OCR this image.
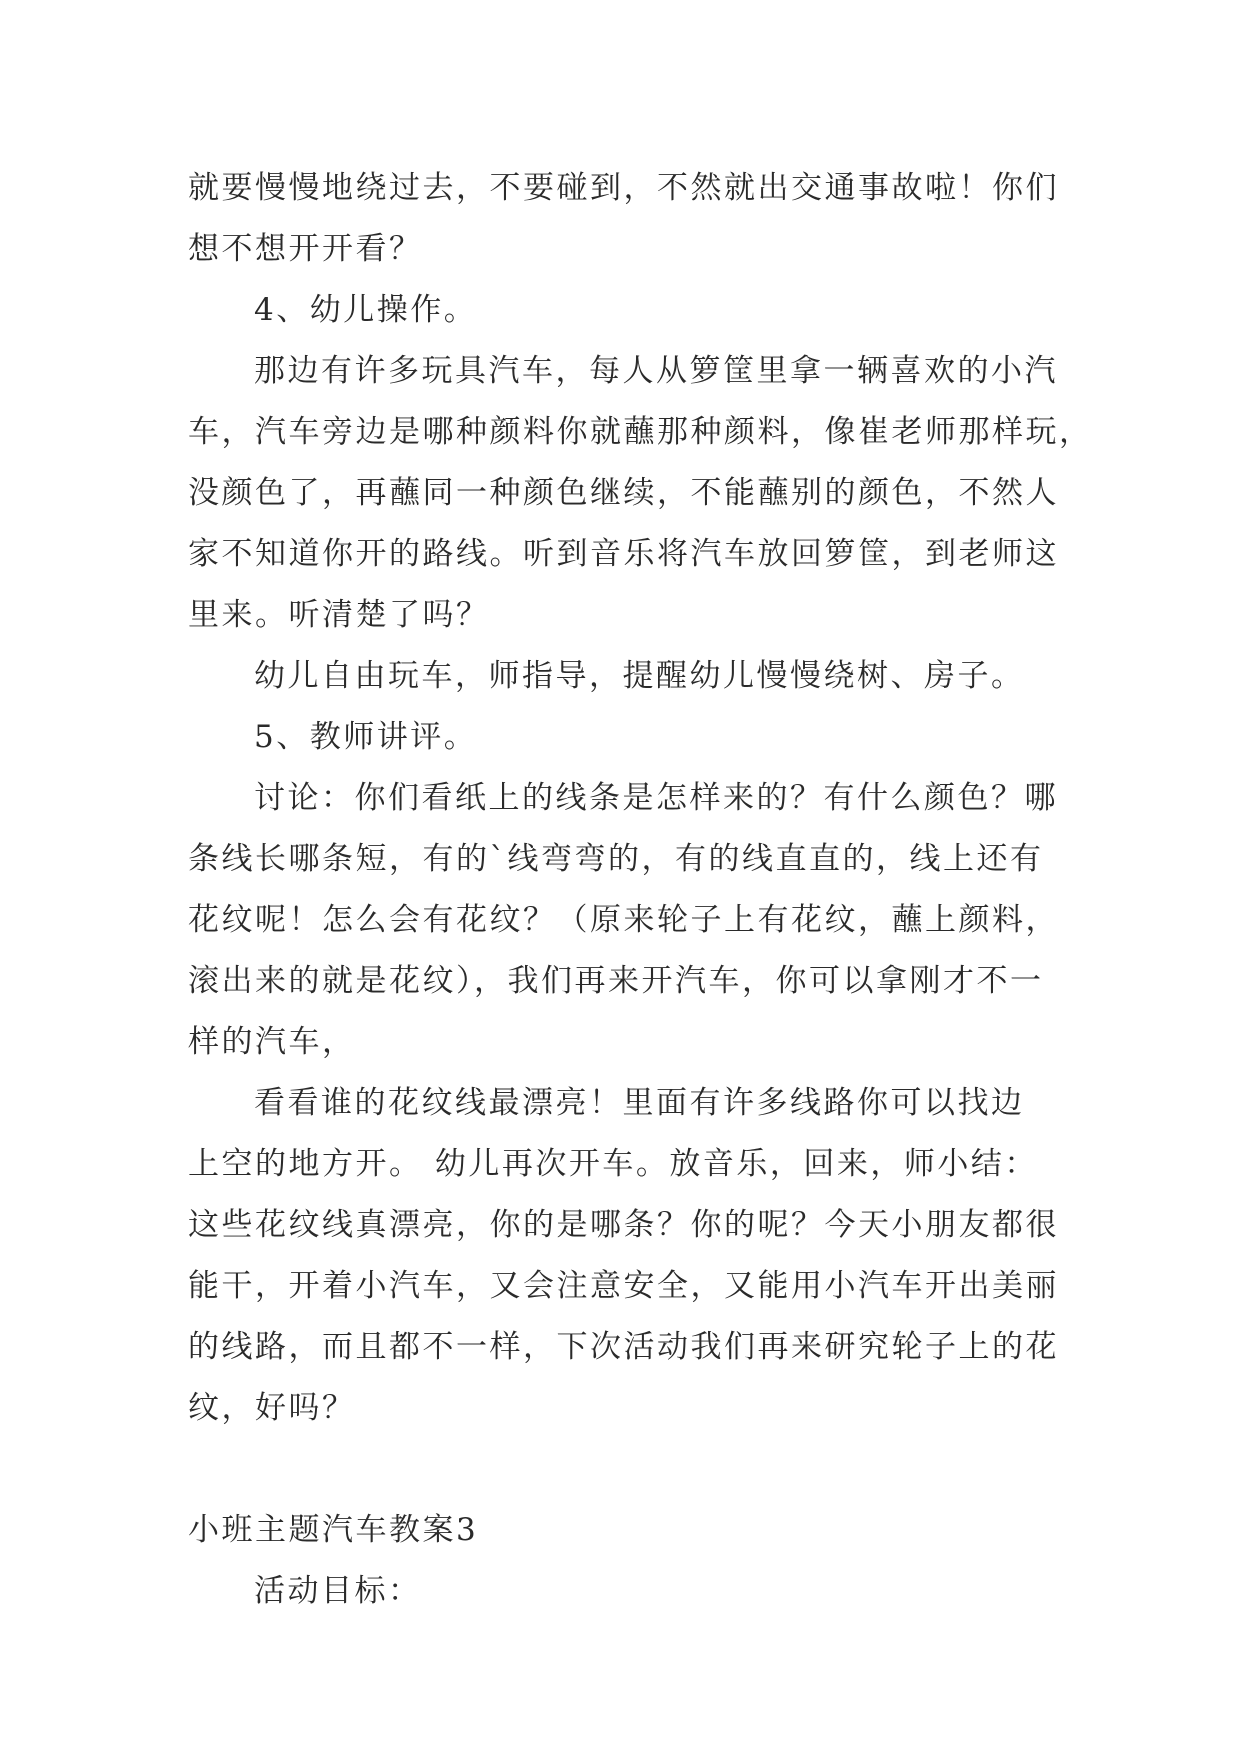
就要慢慢地绕过去，不要碰到，不然就出交通事故啦！你们

想不想开开看？

4、幼儿操作。

那边有许多玩具汽车，每人从箩筐里拿一辆喜欢的小汽

车，汽车旁边是哪种颜料你就蘸那种颜料，像崔老师那样玩，

没颜色了，再蘸同一种颜色继续，不能蘸别的颜色，不然人

家不知道你开的路线。听到音乐将汽车放回箩筐，到老师这

里来。听清楚了吗？

幼儿自由玩车，师指导，提醒幼儿慢慢绕树、房子。

5、教师讲评。

讨论：你们看纸上的线条是怎样来的？有什么颜色？哪

条线长哪条短，有的`线弯弯的，有的线直直的，线上还有

花纹呢！怎么会有花纹？（原来轮子上有花纹，蘸上颜料，

滚出来的就是花纹），我们再来开汽车，你可以拿刚才不一

样的汽车，

看看谁的花纹线最漂亮！里面有许多线路你可以找边

上空的地方开。 幼儿再次开车。放音乐，回来，师小结：

这些花纹线真漂亮，你的是哪条？你的呢？今天小朋友都很

能干，开着小汽车，又会注意安全，又能用小汽车开出美丽

的线路，而且都不一样，下次活动我们再来研究轮子上的花

纹，好吗？

小班主题汽车教案3

活动目标：
